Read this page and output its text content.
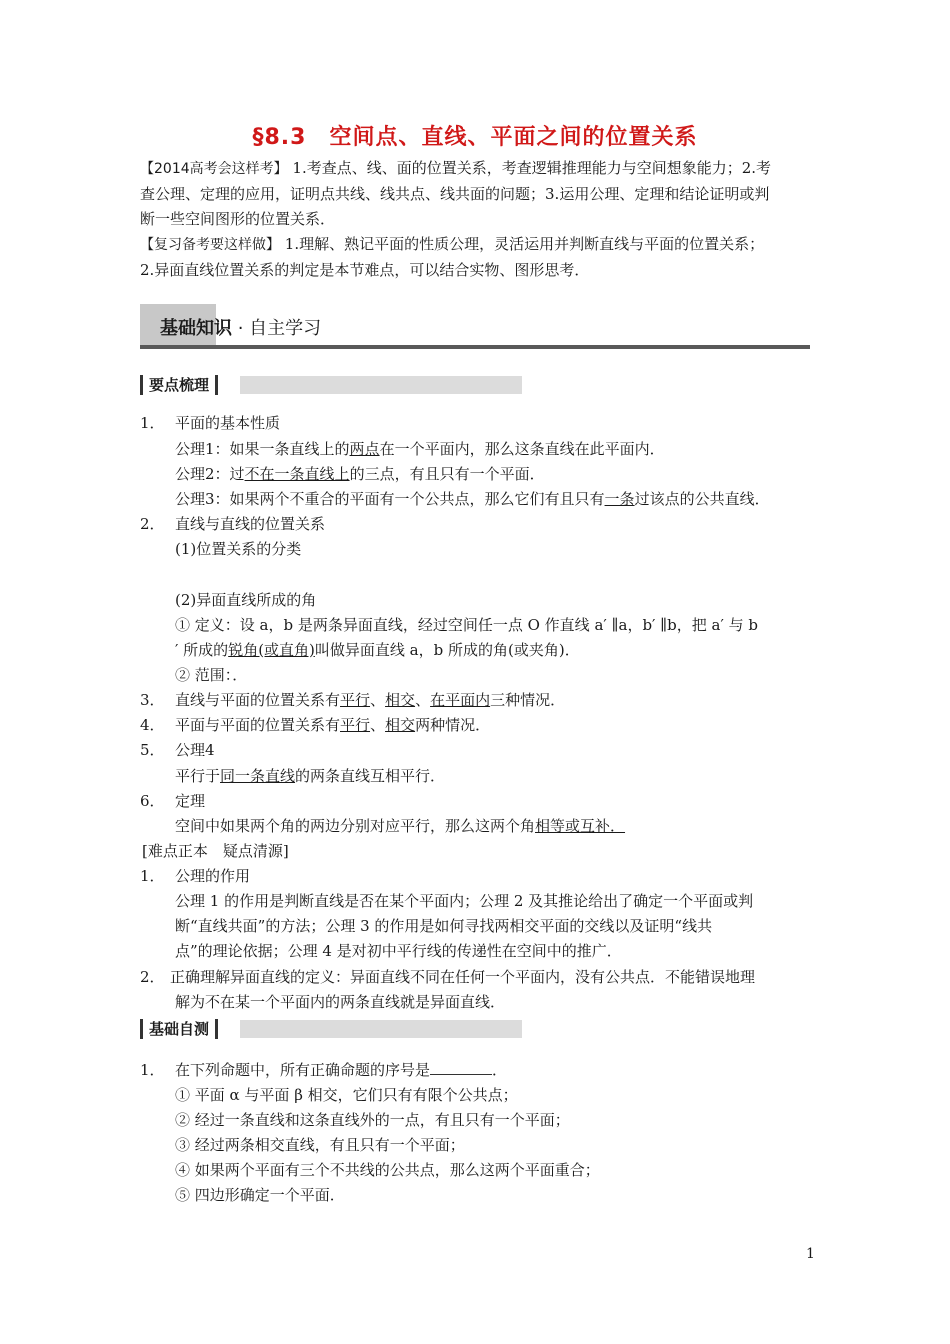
§8.3　空间点、直线、平面之间的位置关系
【2014高考会这样考】 1.考查点、线、面的位置关系，考查逻辑推理能力与空间想象能力；2.考
查公理、定理的应用，证明点共线、线共点、线共面的问题；3.运用公理、定理和结论证明或判
断一些空间图形的位置关系．
【复习备考要这样做】 1.理解、熟记平面的性质公理，灵活运用并判断直线与平面的位置关系；
2.异面直线位置关系的判定是本节难点，可以结合实物、图形思考．
基础知识 · 自主学习
要点梳理
1． 平面的基本性质
公理1：如果一条直线上的两点在一个平面内，那么这条直线在此平面内．
公理2：过不在一条直线上的三点，有且只有一个平面．
公理3：如果两个不重合的平面有一个公共点，那么它们有且只有一条过该点的公共直线．
2． 直线与直线的位置关系
(1)位置关系的分类
(2)异面直线所成的角
① 定义：设 a，b 是两条异面直线，经过空间任一点 O 作直线 a′ ∥a，b′ ∥b，把 a′ 与 b
′ 所成的锐角(或直角)叫做异面直线 a，b 所成的角(或夹角)．
② 范围：．
3． 直线与平面的位置关系有平行、相交、在平面内三种情况．
4． 平面与平面的位置关系有平行、相交两种情况．
5． 公理4
平行于同一条直线的两条直线互相平行．
6． 定理
空间中如果两个角的两边分别对应平行，那么这两个角相等或互补．
[难点正本　疑点清源]
1． 公理的作用
公理 1 的作用是判断直线是否在某个平面内；公理 2 及其推论给出了确定一个平面或判
断“直线共面”的方法；公理 3 的作用是如何寻找两相交平面的交线以及证明“线共
点”的理论依据；公理 4 是对初中平行线的传递性在空间中的推广．
2． 正确理解异面直线的定义：异面直线不同在任何一个平面内，没有公共点．不能错误地理
解为不在某一个平面内的两条直线就是异面直线．
基础自测
1． 在下列命题中，所有正确命题的序号是	．
① 平面 α 与平面 β 相交，它们只有有限个公共点；
② 经过一条直线和这条直线外的一点，有且只有一个平面；
③ 经过两条相交直线，有且只有一个平面；
④ 如果两个平面有三个不共线的公共点，那么这两个平面重合；
⑤ 四边形确定一个平面．
1
